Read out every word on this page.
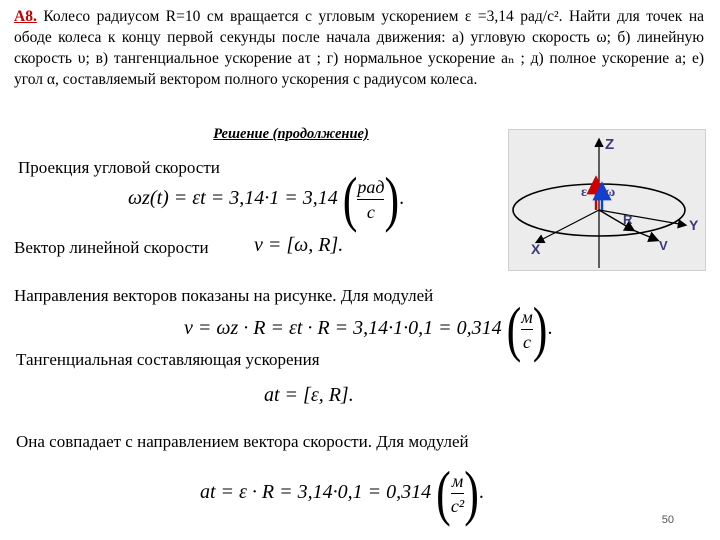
A8. Колесо радиусом R=10 см вращается с угловым ускорением ε =3,14 рад/с². Найти для точек на ободе колеса к концу первой секунды после начала движения: а) угловую скорость ω; б) линейную скорость υ; в) тангенциальное ускорение aτ ; г) нормальное ускорение aₙ ; д) полное ускорение a; е) угол α, составляемый вектором полного ускорения с радиусом колеса.
Решение (продолжение)
Z
X
Y
ε ω
R
V
Проекция угловой скорости
ωz(t) = εt = 3,14·1 = 3,14 ( $\frac{\text{рад}}{с}$ ).
Вектор линейной скорости v = [ω, R].
Направления векторов показаны на рисунке. Для модулей
v = ωz · R = εt · R = 3,14·1·0,1 = 0,314 ( $\frac{м}{с}$ ).
Тангенциальная составляющая ускорения
at = [ε, R].
Она совпадает с направлением вектора скорости. Для модулей
at = ε · R = 3,14·0,1 = 0,314 ( $\frac{м}{\text{с²}}$ ).
50
